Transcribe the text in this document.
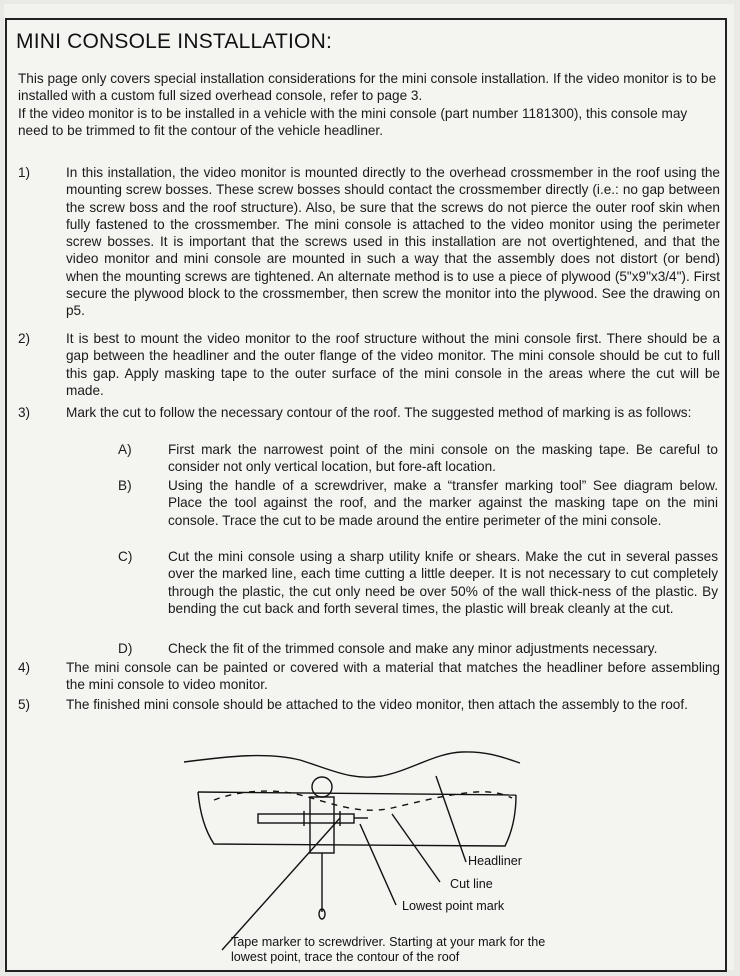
MINI CONSOLE INSTALLATION:

This page only covers special installation considerations for the mini console installation. If the video monitor is to be installed with a custom full sized overhead console, refer to page 3.

If the video monitor is to be installed in a vehicle with the mini console (part number 1181300), this console may need to be trimmed to fit the contour of the vehicle headliner.

1)	In this installation, the video monitor is mounted directly to the overhead crossmember in the roof using the mounting screw bosses. These screw bosses should contact the crossmember directly (i.e.: no gap between the screw boss and the roof structure). Also, be sure that the screws do not pierce the outer roof skin when fully fastened to the crossmember. The mini console is attached to the video monitor using the perimeter screw bosses. It is important that the screws used in this installation are not overtightened, and that the video monitor and mini console are mounted in such a way that the assembly does not distort (or bend) when the mounting screws are tightened. An alternate method is to use a piece of plywood (5"x9"x3/4"). First secure the plywood block to the crossmember, then screw the monitor into the plywood. See the drawing on p5.
2)	It is best to mount the video monitor to the roof structure without the mini console first. There should be a gap between the headliner and the outer flange of the video monitor. The mini console should be cut to full this gap. Apply masking tape to the outer surface of the mini console in the areas where the cut will be made.
3)	Mark the cut to follow the necessary contour of the roof. The suggested method of marking is as follows:
A)	First mark the narrowest point of the mini console on the masking tape. Be careful to consider not only vertical location, but fore-aft location.
B)	Using the handle of a screwdriver, make a “transfer marking tool” See diagram below. Place the tool against the roof, and the marker against the masking tape on the mini console. Trace the cut to be made around the entire perimeter of the mini console.
C)	Cut the mini console using a sharp utility knife or shears. Make the cut in several passes over the marked line, each time cutting a little deeper. It is not necessary to cut completely through the plastic, the cut only need be over 50% of the wall thick-ness of the plastic. By bending the cut back and forth several times, the plastic will break cleanly at the cut.
D)	Check the fit of the trimmed console and make any minor adjustments necessary.
4)	The mini console can be painted or covered with a material that matches the headliner before assembling the mini console to video monitor.
5)	The finished mini console should be attached to the video monitor, then attach the assembly to the roof.
Headliner
Cut line
Lowest point mark
Tape marker to screwdriver. Starting at your mark for the lowest point, trace the contour of the roof
